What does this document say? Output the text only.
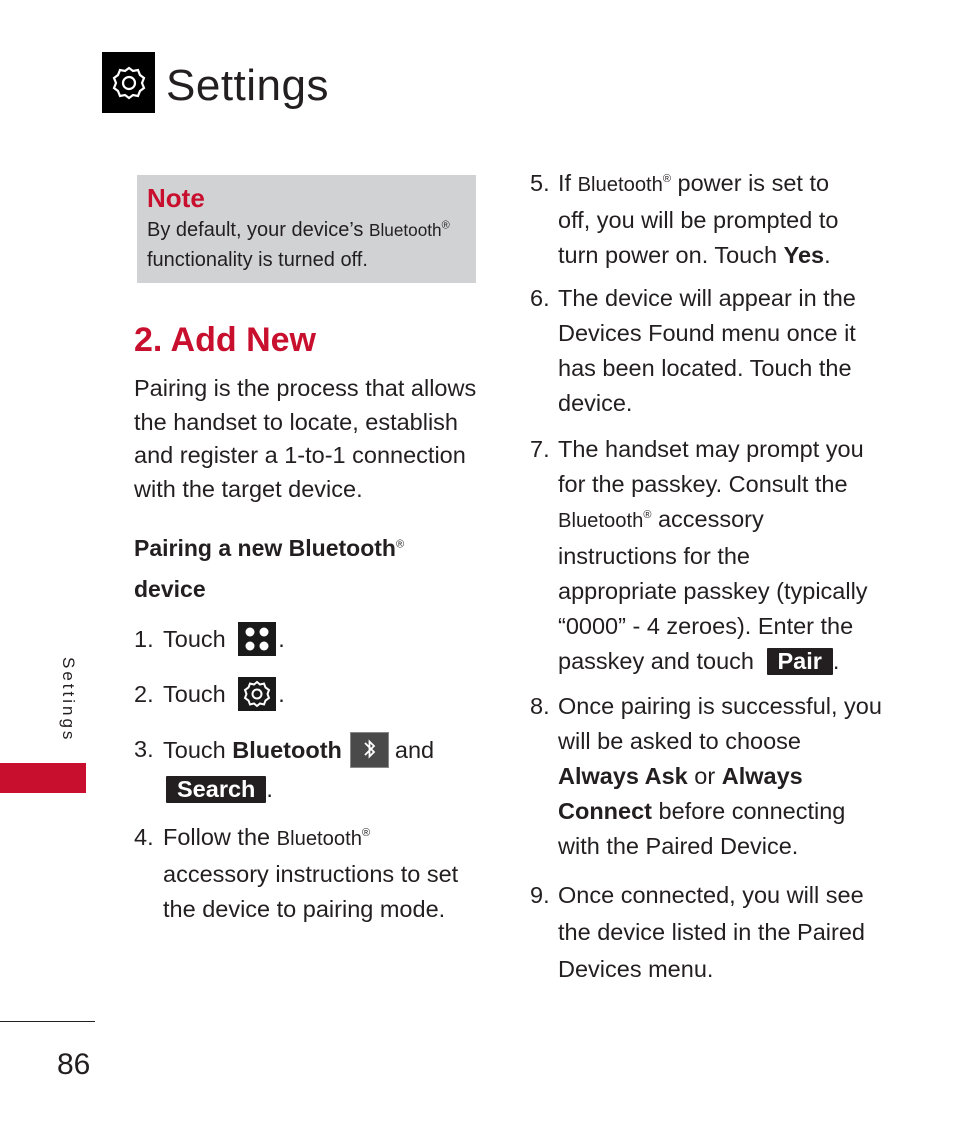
Settings
Note
By default, your device’s Bluetooth®
functionality is turned off.
2. Add New
Pairing is the process that allows
the handset to locate, establish
and register a 1-to-1 connection
with the target device.
Pairing a new Bluetooth®
device
1. Touch .
2. Touch .
3. Touch Bluetooth and
Search .
4. Follow the Bluetooth®
accessory instructions to set
the device to pairing mode.
5. If Bluetooth® power is set to
off, you will be prompted to
turn power on. Touch Yes.
6. The device will appear in the
Devices Found menu once it
has been located. Touch the
device.
7. The handset may prompt you
for the passkey. Consult the
Bluetooth® accessory
instructions for the
appropriate passkey (typically
“0000” - 4 zeroes). Enter the
passkey and touch Pair .
8. Once pairing is successful, you
will be asked to choose
Always Ask or Always
Connect before connecting
with the Paired Device.
9. Once connected, you will see
the device listed in the Paired
Devices menu.
Settings
86
